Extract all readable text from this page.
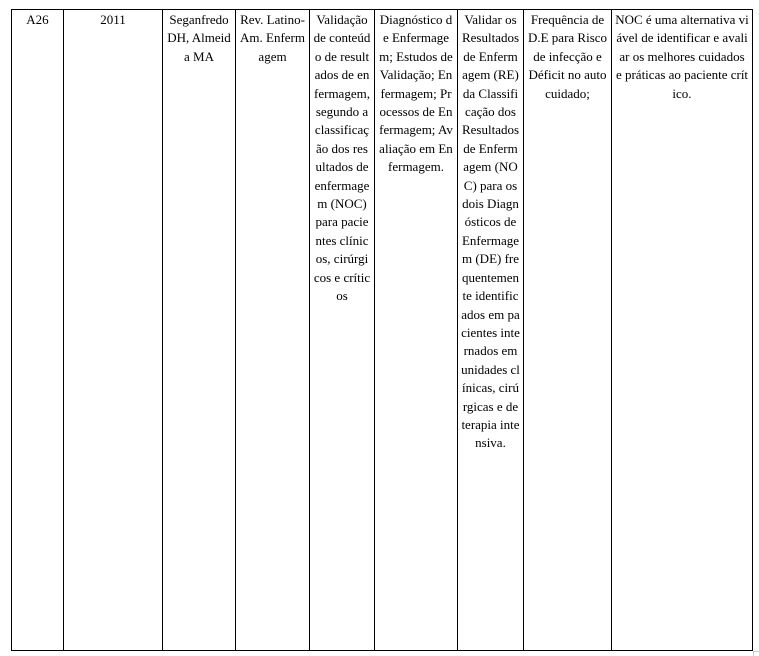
A26	2011	Seganfredo DH, Almeida MA	Rev. Latino-Am. Enfermagem	Validação de conteúdo de resultados de enfermagem, segundo a classificação dos resultados de enfermagem (NOC) para pacientes clínicos, cirúrgicos e críticos	Diagnóstico de Enfermagem; Estudos de Validação; Enfermagem; Processos de Enfermagem; Avaliação em Enfermagem.	Validar os Resultados de Enfermagem (RE) da Classificação dos Resultados de Enfermagem (NOC) para os dois Diagnósticos de Enfermagem (DE) frequentemente identificados em pacientes internados em unidades clínicas, cirúrgicas e de terapia intensiva.	Frequência de D.E para Risco de infecção e Déficit no autocuidado;	NOC é uma alternativa viável de identificar e avaliar os melhores cuidados e práticas ao paciente crítico.
